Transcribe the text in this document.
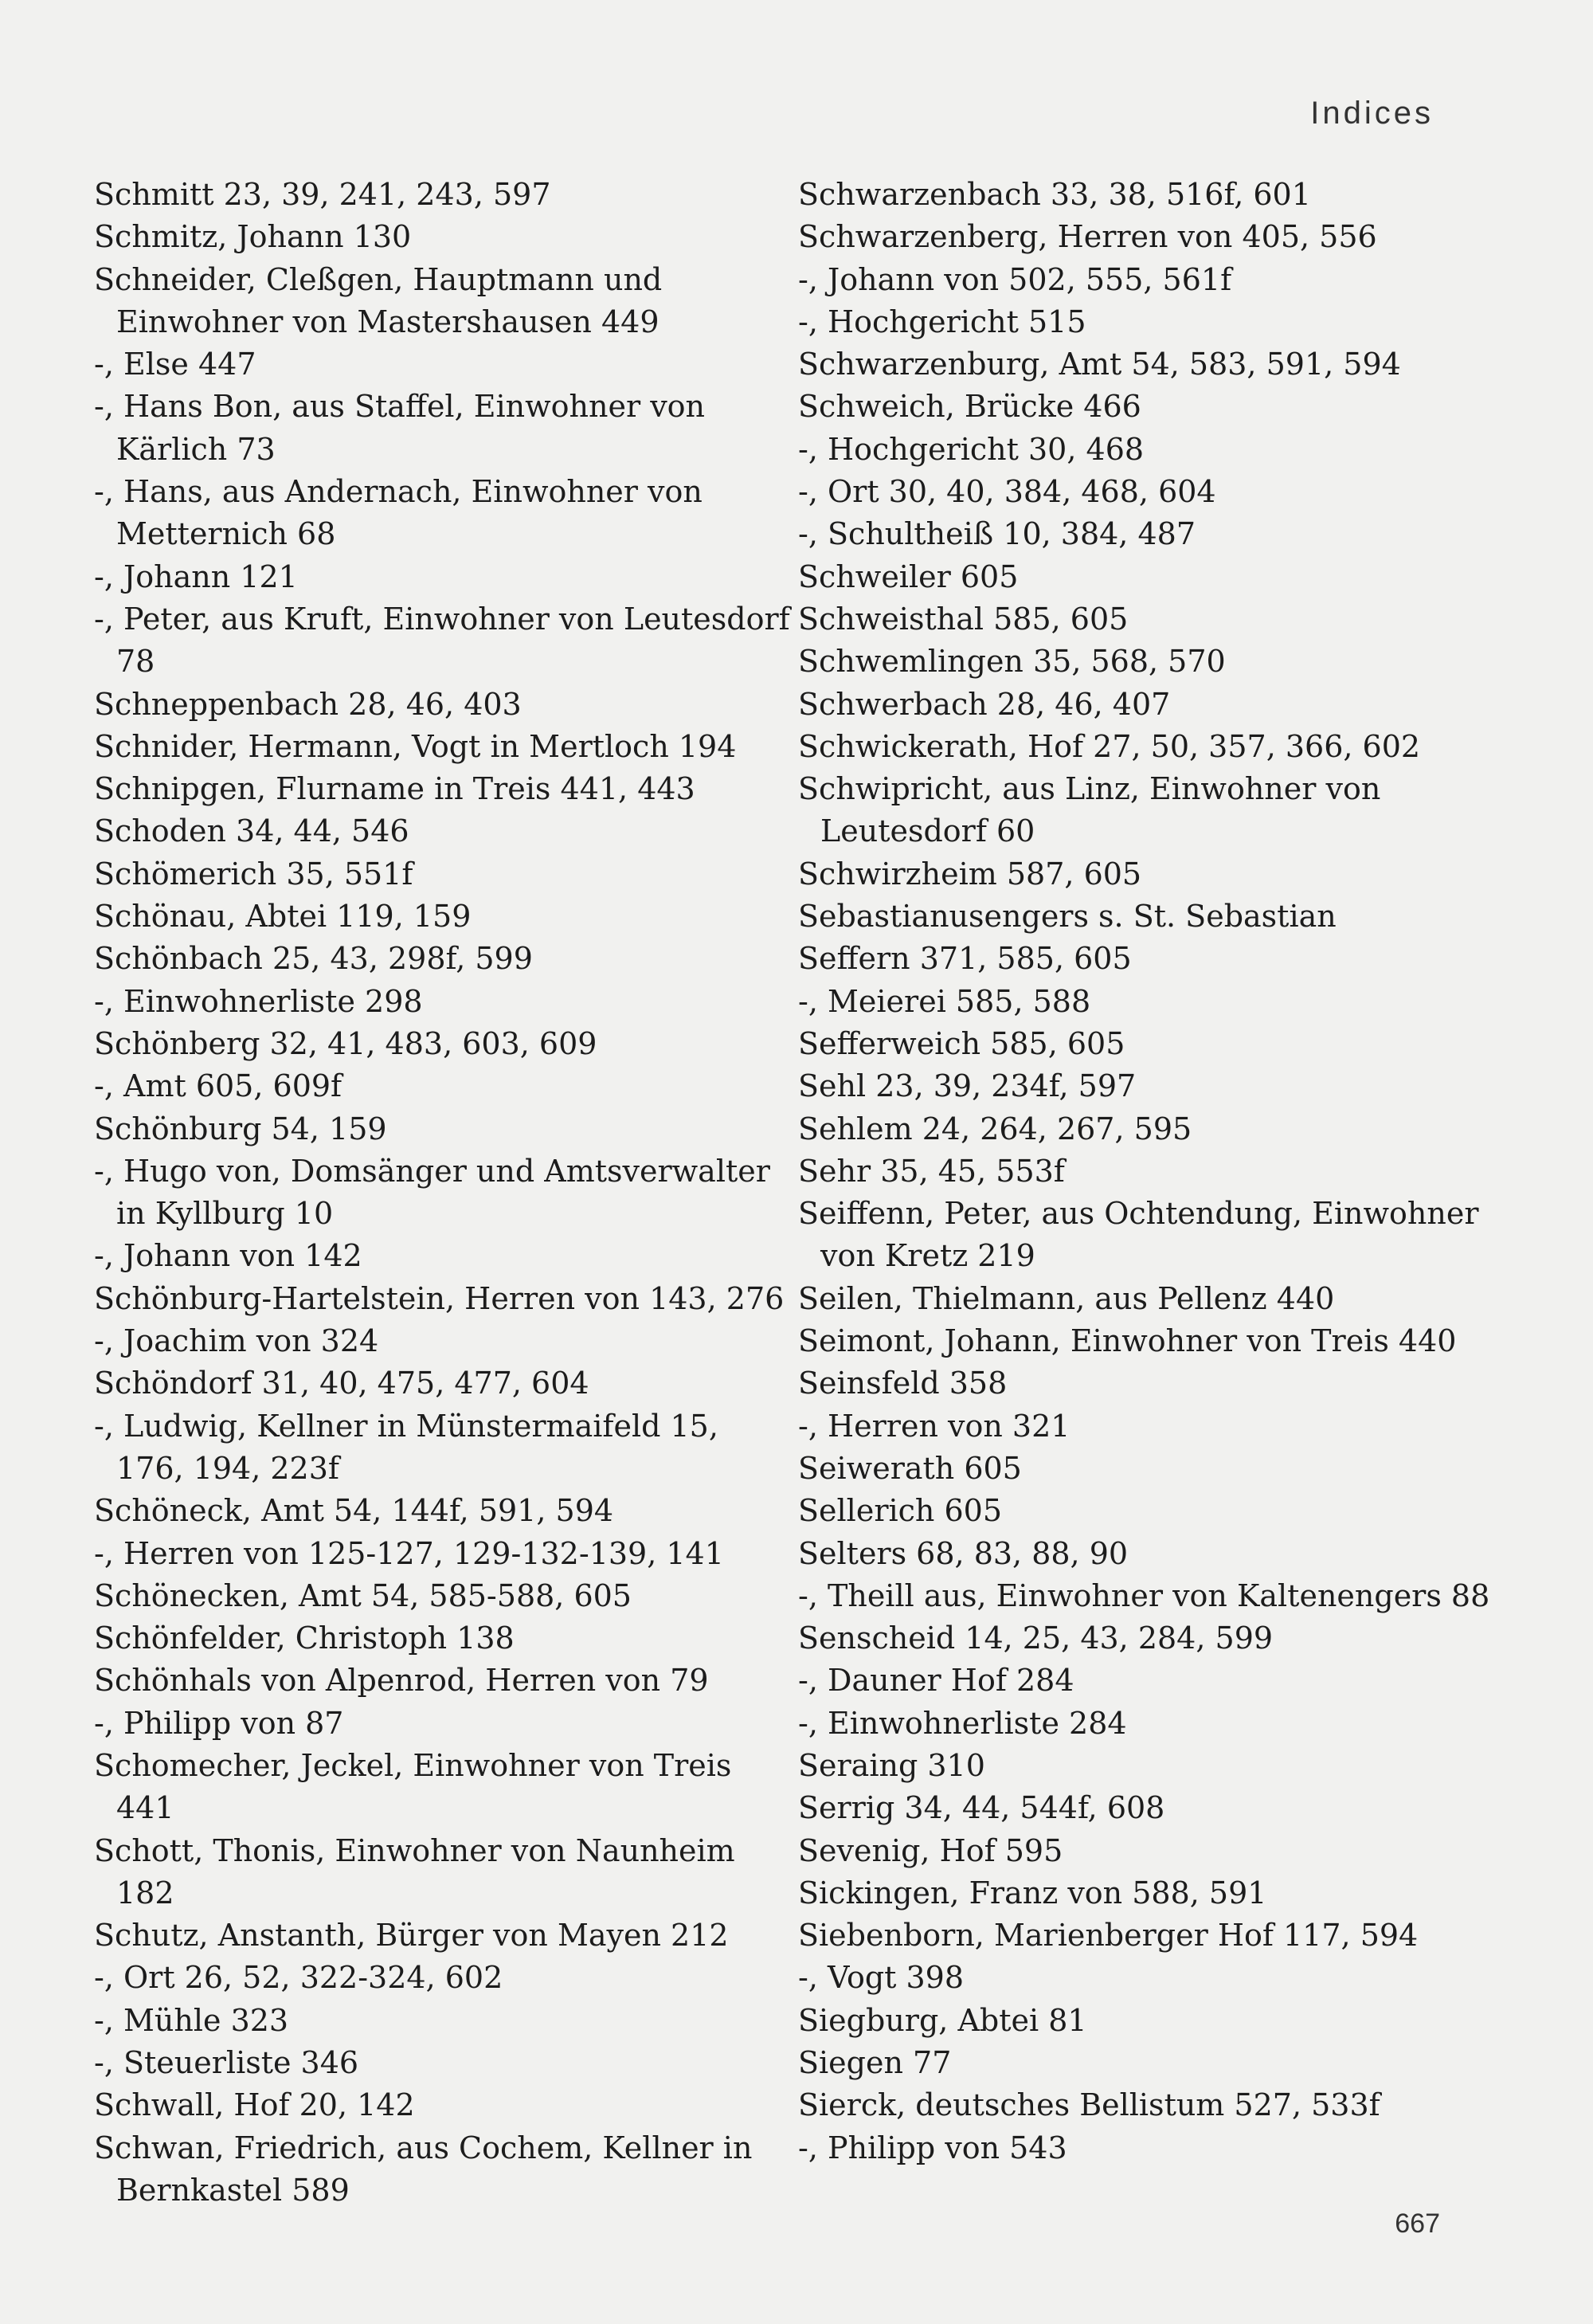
Indices

Schmitt 23, 39, 241, 243, 597

Schmitz, Johann 130

Schneider, Cleßgen, Hauptmann und Einwohner von Mastershausen 449

-, Else 447

-, Hans Bon, aus Staffel, Einwohner von Kärlich 73

-, Hans, aus Andernach, Einwohner von Metternich 68

-, Johann 121

-, Peter, aus Kruft, Einwohner von Leutesdorf 78

Schneppenbach 28, 46, 403

Schnider, Hermann, Vogt in Mertloch 194

Schnipgen, Flurname in Treis 441, 443

Schoden 34, 44, 546

Schömerich 35, 551f

Schönau, Abtei 119, 159

Schönbach 25, 43, 298f, 599

-, Einwohnerliste 298

Schönberg 32, 41, 483, 603, 609

-, Amt 605, 609f

Schönburg 54, 159

-, Hugo von, Domsänger und Amtsverwalter in Kyllburg 10

-, Johann von 142

Schönburg-Hartelstein, Herren von 143, 276

-, Joachim von 324

Schöndorf 31, 40, 475, 477, 604

-, Ludwig, Kellner in Münstermaifeld 15, 176, 194, 223f

Schöneck, Amt 54, 144f, 591, 594

-, Herren von 125-127, 129-132-139, 141

Schönecken, Amt 54, 585-588, 605

Schönfelder, Christoph 138

Schönhals von Alpenrod, Herren von 79

-, Philipp von 87

Schomecher, Jeckel, Einwohner von Treis 441

Schott, Thonis, Einwohner von Naunheim 182

Schutz, Anstanth, Bürger von Mayen 212

-, Ort 26, 52, 322-324, 602

-, Mühle 323

-, Steuerliste 346

Schwall, Hof 20, 142

Schwan, Friedrich, aus Cochem, Kellner in Bernkastel 589

Schwarzenbach 33, 38, 516f, 601

Schwarzenberg, Herren von 405, 556

-, Johann von 502, 555, 561f

-, Hochgericht 515

Schwarzenburg, Amt 54, 583, 591, 594

Schweich, Brücke 466

-, Hochgericht 30, 468

-, Ort 30, 40, 384, 468, 604

-, Schultheiß 10, 384, 487

Schweiler 605

Schweisthal 585, 605

Schwemlingen 35, 568, 570

Schwerbach 28, 46, 407

Schwickerath, Hof 27, 50, 357, 366, 602

Schwipricht, aus Linz, Einwohner von Leutesdorf 60

Schwirzheim 587, 605

Sebastianusengers s. St. Sebastian

Seffern 371, 585, 605

-, Meierei 585, 588

Sefferweich 585, 605

Sehl 23, 39, 234f, 597

Sehlem 24, 264, 267, 595

Sehr 35, 45, 553f

Seiffenn, Peter, aus Ochtendung, Einwohner von Kretz 219

Seilen, Thielmann, aus Pellenz 440

Seimont, Johann, Einwohner von Treis 440

Seinsfeld 358

-, Herren von 321

Seiwerath 605

Sellerich 605

Selters 68, 83, 88, 90

-, Theill aus, Einwohner von Kaltenengers 88

Senscheid 14, 25, 43, 284, 599

-, Dauner Hof 284

-, Einwohnerliste 284

Seraing 310

Serrig 34, 44, 544f, 608

Sevenig, Hof 595

Sickingen, Franz von 588, 591

Siebenborn, Marienberger Hof 117, 594

-, Vogt 398

Siegburg, Abtei 81

Siegen 77

Sierck, deutsches Bellistum 527, 533f

-, Philipp von 543

667
